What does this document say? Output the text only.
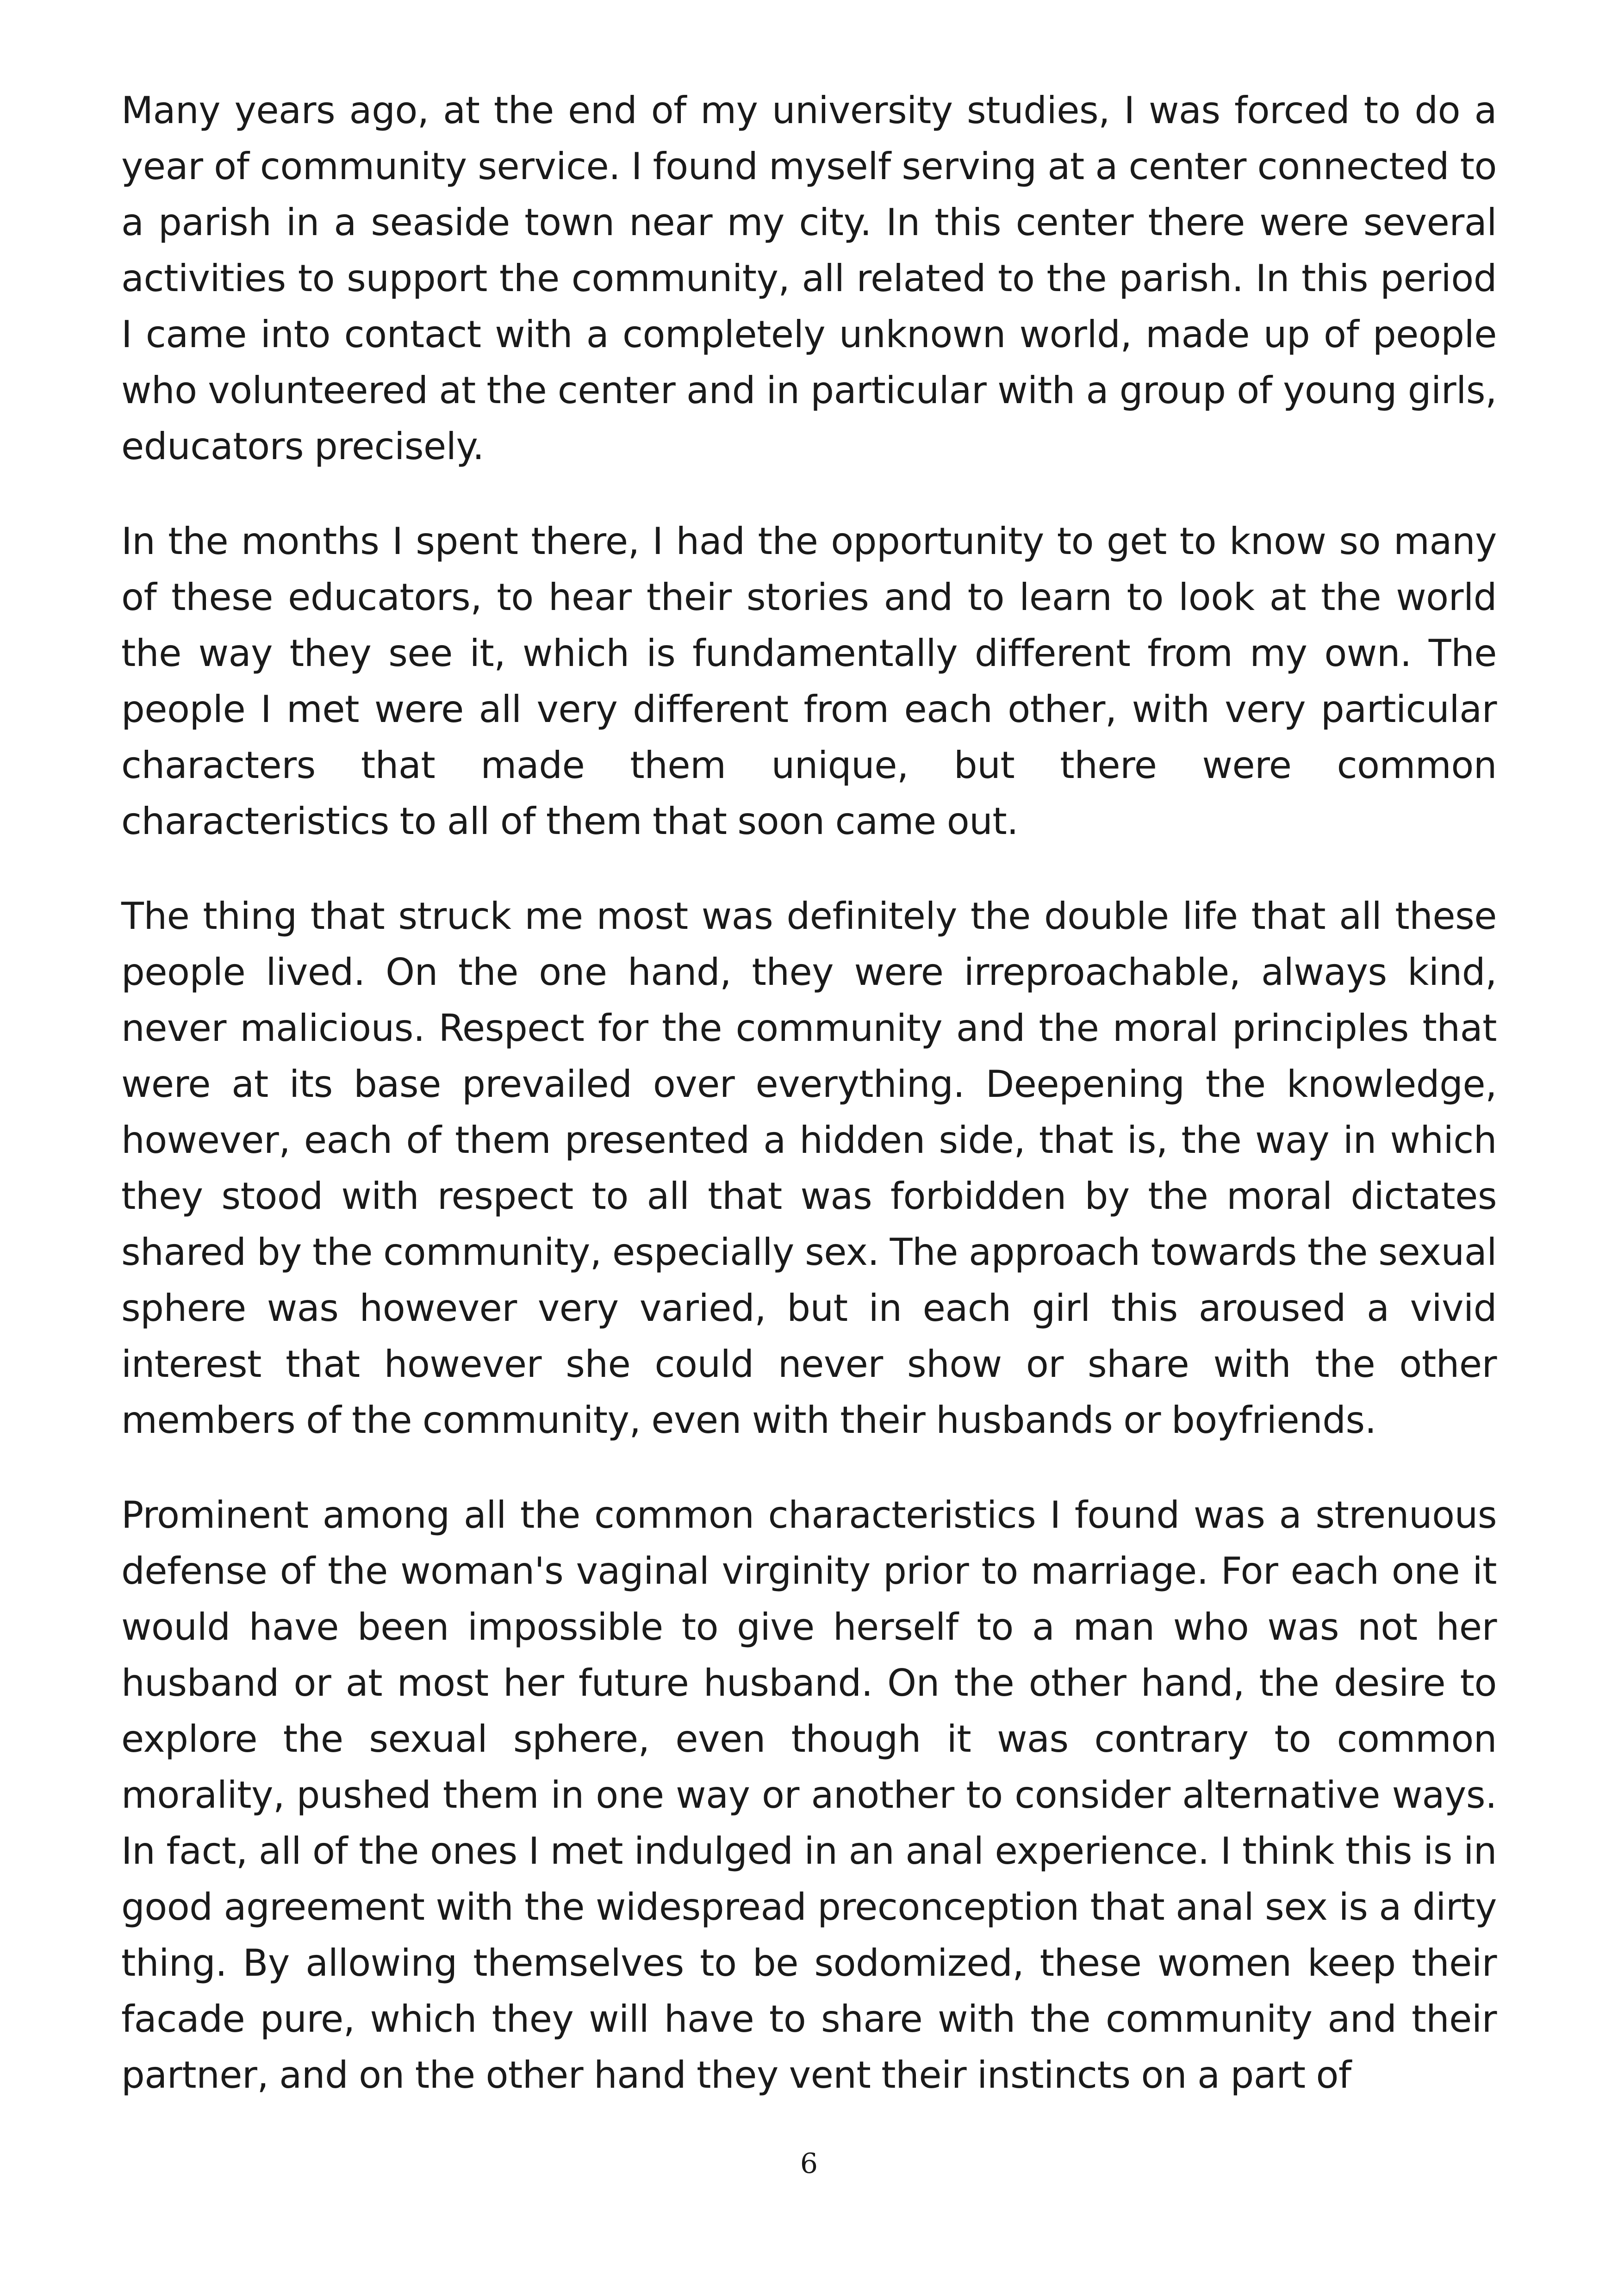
Many years ago, at the end of my university studies, I was forced to do a year of community service. I found myself serving at a center connected to a parish in a seaside town near my city. In this center there were several activities to support the community, all related to the parish. In this period I came into contact with a completely unknown world, made up of people who volunteered at the center and in particular with a group of young girls, educators precisely.

In the months I spent there, I had the opportunity to get to know so many of these educators, to hear their stories and to learn to look at the world the way they see it, which is fundamentally different from my own. The people I met were all very different from each other, with very particular characters that made them unique, but there were common characteristics to all of them that soon came out.

The thing that struck me most was definitely the double life that all these people lived. On the one hand, they were irreproachable, always kind, never malicious. Respect for the community and the moral principles that were at its base prevailed over everything. Deepening the knowledge, however, each of them presented a hidden side, that is, the way in which they stood with respect to all that was forbidden by the moral dictates shared by the community, especially sex. The approach towards the sexual sphere was however very varied, but in each girl this aroused a vivid interest that however she could never show or share with the other members of the community, even with their husbands or boyfriends.

Prominent among all the common characteristics I found was a strenuous defense of the woman's vaginal virginity prior to marriage. For each one it would have been impossible to give herself to a man who was not her husband or at most her future husband. On the other hand, the desire to explore the sexual sphere, even though it was contrary to common morality, pushed them in one way or another to consider alternative ways. In fact, all of the ones I met indulged in an anal experience. I think this is in good agreement with the widespread preconception that anal sex is a dirty thing. By allowing themselves to be sodomized, these women keep their facade pure, which they will have to share with the community and their partner, and on the other hand they vent their instincts on a part of

6
